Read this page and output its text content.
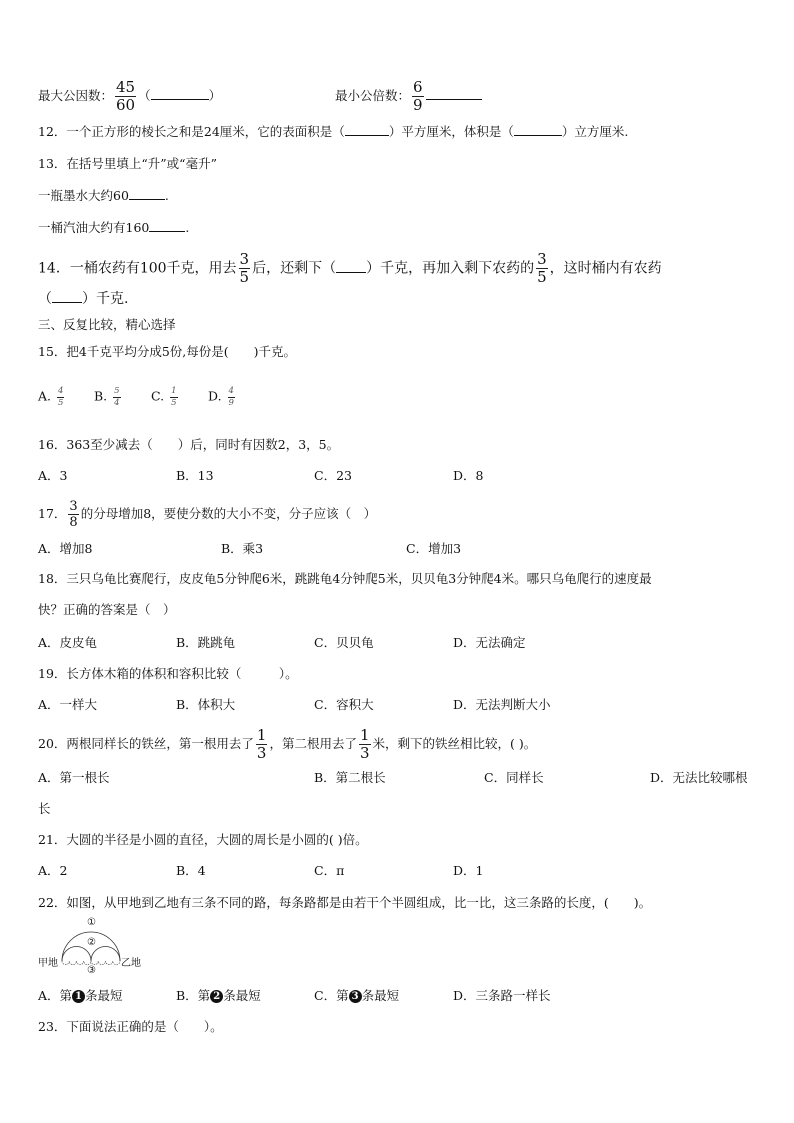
最大公因数： $\frac{45}{60}$ （	）	最小公倍数： $\frac{6}{9}$
12．一个正方形的棱长之和是24厘米，它的表面积是（	）平方厘米，体积是（	）立方厘米.
13．在括号里填上“升”或“毫升”
一瓶墨水大约60	.
一桶汽油大约有160	.
14．一桶农药有100千克，用去 $\frac{3}{5}$ 后，还剩下（ ）千克，再加入剩下农药的 $\frac{3}{5}$ ，这时桶内有农药
（ ）千克.
三、反复比较，精心选择
15．把4千克平均分成5份,每份是(　　)千克。
A. $\frac{4}{5} B$. $\frac{5}{4} C$. $\frac{1}{5} D$. $\frac{4}{9}$
16．363至少减去（　　）后，同时有因数2，3，5。
A．3	B．13	C．23	D．8
17． $\frac{3}{8}$ 的分母增加8，要使分数的大小不变，分子应该（　）
A．增加8	B．乘3	C．增加3
18．三只乌龟比赛爬行，皮皮龟5分钟爬6米，跳跳龟4分钟爬5米，贝贝龟3分钟爬4米。哪只乌龟爬行的速度最
快？正确的答案是（　）
A．皮皮龟	B．跳跳龟	C．贝贝龟	D．无法确定
19．长方体木箱的体积和容积比较（　　　）。
A．一样大	B．体积大	C．容积大	D．无法判断大小
20．两根同样长的铁丝，第一根用去了 $\frac{1}{3}$ ，第二根用去了 $\frac{1}{3}$ 米，剩下的铁丝相比较，( )。
A．第一根长	B．第二根长	C．同样长	D．无法比较哪根
长
21．大圆的半径是小圆的直径，大圆的周长是小圆的( )倍。
A．2	B．4	C．π	D．1
22．如图，从甲地到乙地有三条不同的路，每条路都是由若干个半圆组成，比一比，这三条路的长度，(　　)。
①
②
③
甲地	乙地
A．第 1 条最短	B．第 2 条最短	C．第 3 条最短	D．三条路一样长
23．下面说法正确的是（　　）。
